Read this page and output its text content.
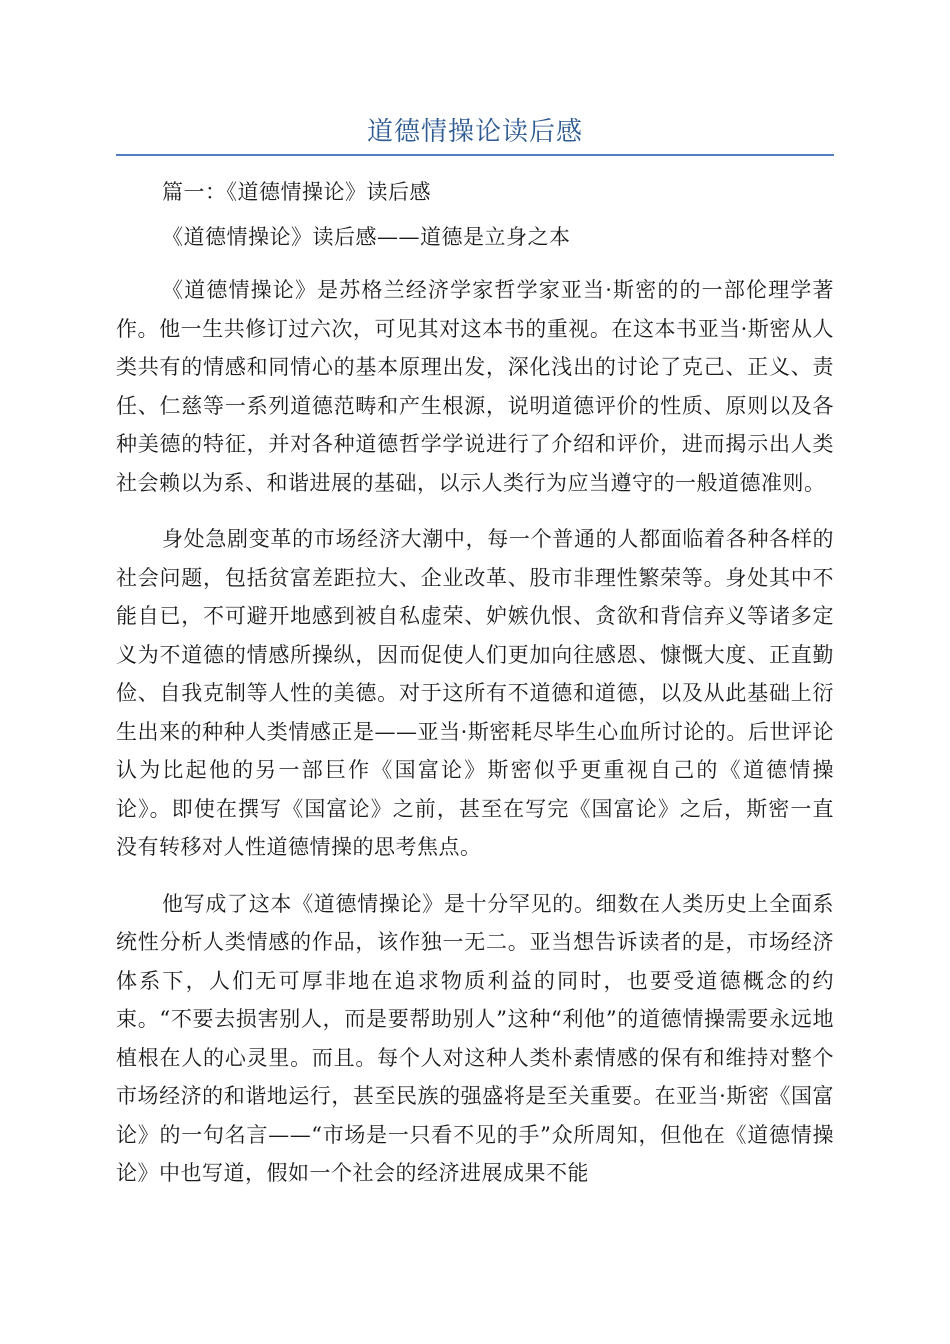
道德情操论读后感

篇一：《道德情操论》读后感

《道德情操论》读后感——道德是立身之本

《道德情操论》是苏格兰经济学家哲学家亚当·斯密的的一部伦理学著作。他一生共修订过六次，可见其对这本书的重视。在这本书亚当·斯密从人类共有的情感和同情心的基本原理出发，深化浅出的讨论了克己、正义、责任、仁慈等一系列道德范畴和产生根源，说明道德评价的性质、原则以及各种美德的特征，并对各种道德哲学学说进行了介绍和评价，进而揭示出人类社会赖以为系、和谐进展的基础，以示人类行为应当遵守的一般道德准则。

身处急剧变革的市场经济大潮中，每一个普通的人都面临着各种各样的社会问题，包括贫富差距拉大、企业改革、股市非理性繁荣等。身处其中不能自已，不可避开地感到被自私虚荣、妒嫉仇恨、贪欲和背信弃义等诸多定义为不道德的情感所操纵，因而促使人们更加向往感恩、慷慨大度、正直勤俭、自我克制等人性的美德。对于这所有不道德和道德，以及从此基础上衍生出来的种种人类情感正是——亚当·斯密耗尽毕生心血所讨论的。后世评论认为比起他的另一部巨作《国富论》斯密似乎更重视自己的《道德情操论》。即使在撰写《国富论》之前，甚至在写完《国富论》之后，斯密一直没有转移对人性道德情操的思考焦点。

他写成了这本《道德情操论》是十分罕见的。细数在人类历史上全面系统性分析人类情感的作品，该作独一无二。亚当想告诉读者的是，市场经济体系下，人们无可厚非地在追求物质利益的同时，也要受道德概念的约束。“不要去损害别人，而是要帮助别人”这种“利他”的道德情操需要永远地植根在人的心灵里。而且。每个人对这种人类朴素情感的保有和维持对整个市场经济的和谐地运行，甚至民族的强盛将是至关重要。在亚当·斯密《国富论》的一句名言——“市场是一只看不见的手”众所周知，但他在《道德情操论》中也写道，假如一个社会的经济进展成果不能
